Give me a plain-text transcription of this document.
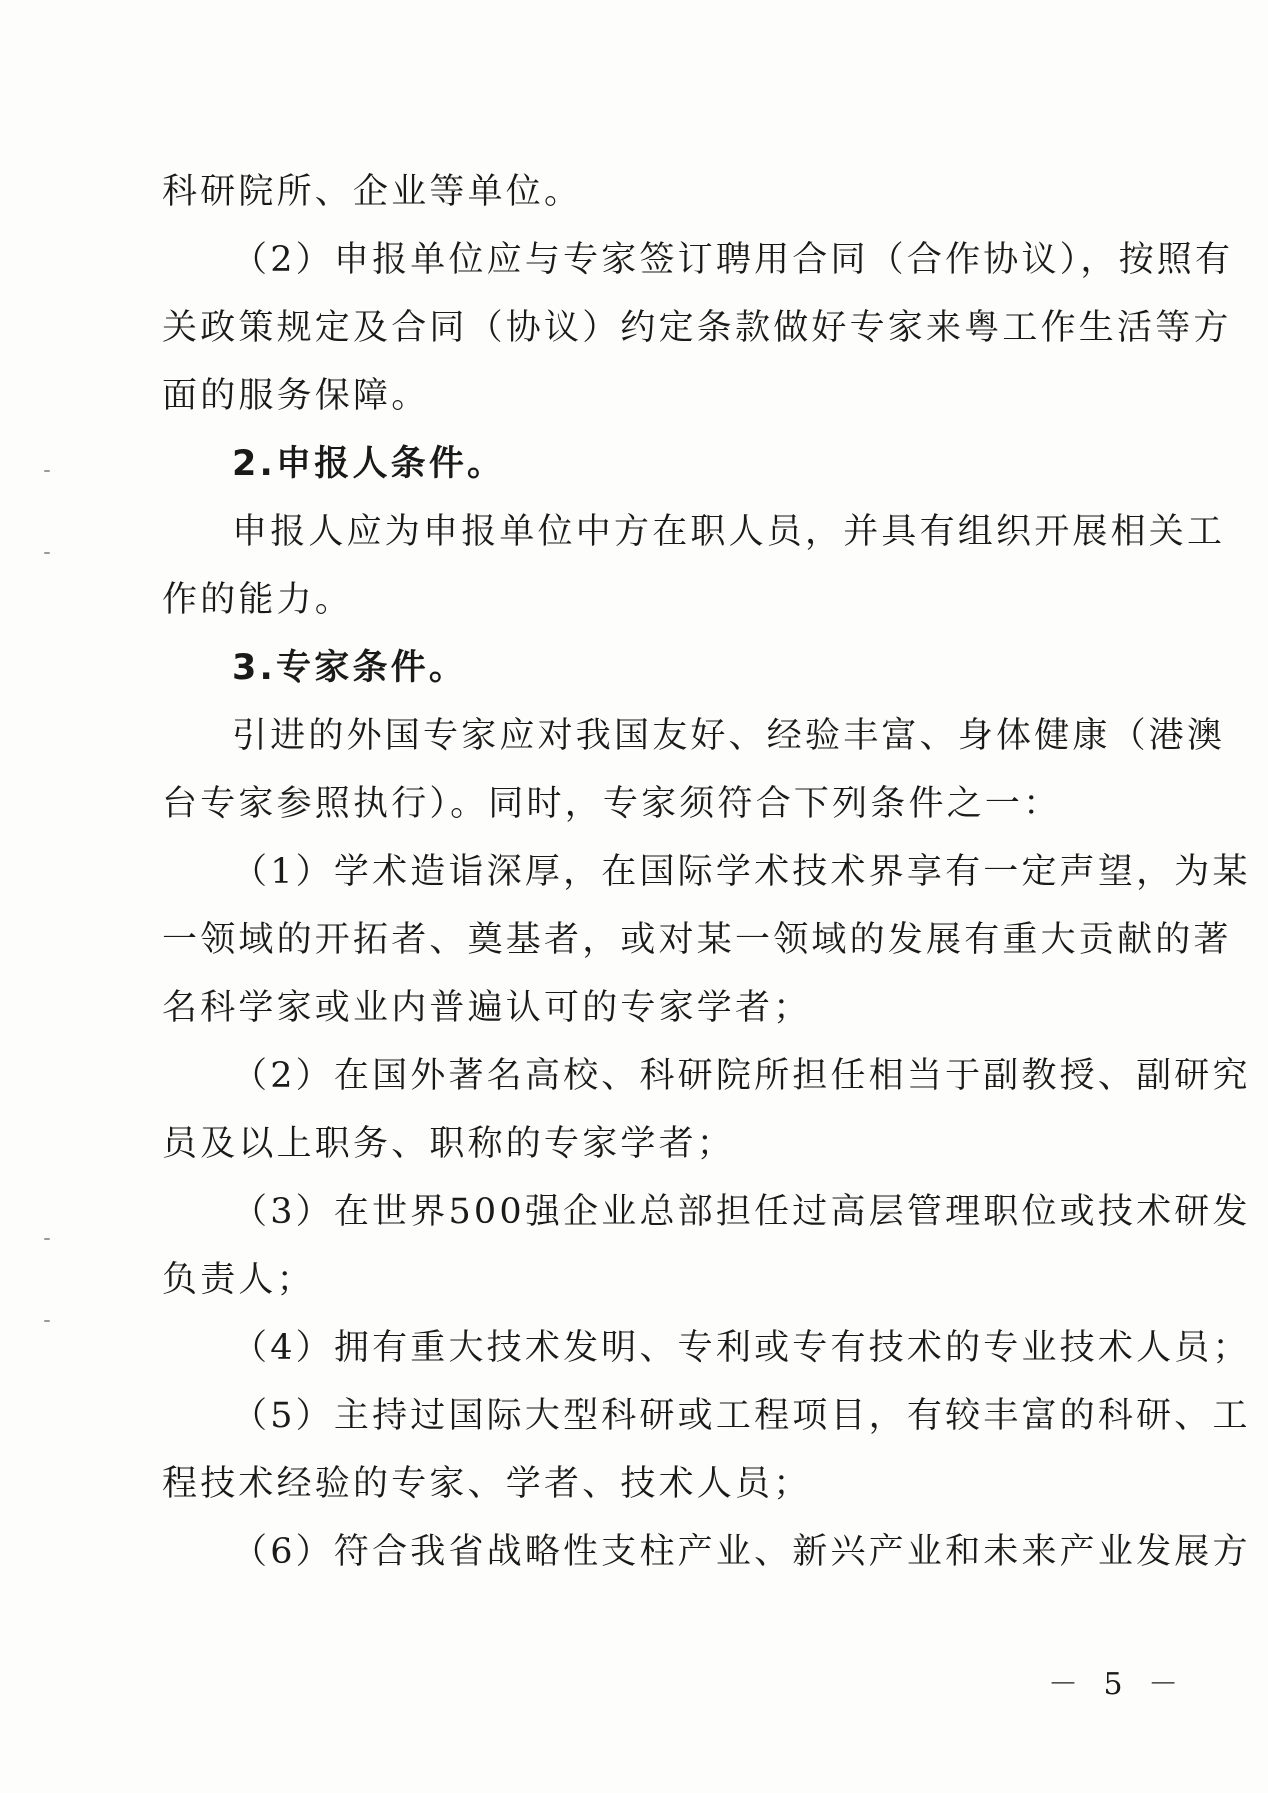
科研院所、企业等单位。
（2）申报单位应与专家签订聘用合同（合作协议），按照有
关政策规定及合同（协议）约定条款做好专家来粤工作生活等方
面的服务保障。
2.申报人条件。
申报人应为申报单位中方在职人员，并具有组织开展相关工
作的能力。
3.专家条件。
引进的外国专家应对我国友好、经验丰富、身体健康（港澳
台专家参照执行）。同时，专家须符合下列条件之一：
（1）学术造诣深厚，在国际学术技术界享有一定声望，为某
一领域的开拓者、奠基者，或对某一领域的发展有重大贡献的著
名科学家或业内普遍认可的专家学者；
（2）在国外著名高校、科研院所担任相当于副教授、副研究
员及以上职务、职称的专家学者；
（3）在世界500强企业总部担任过高层管理职位或技术研发
负责人；
（4）拥有重大技术发明、专利或专有技术的专业技术人员；
（5）主持过国际大型科研或工程项目，有较丰富的科研、工
程技术经验的专家、学者、技术人员；
（6）符合我省战略性支柱产业、新兴产业和未来产业发展方
－ 5 －
